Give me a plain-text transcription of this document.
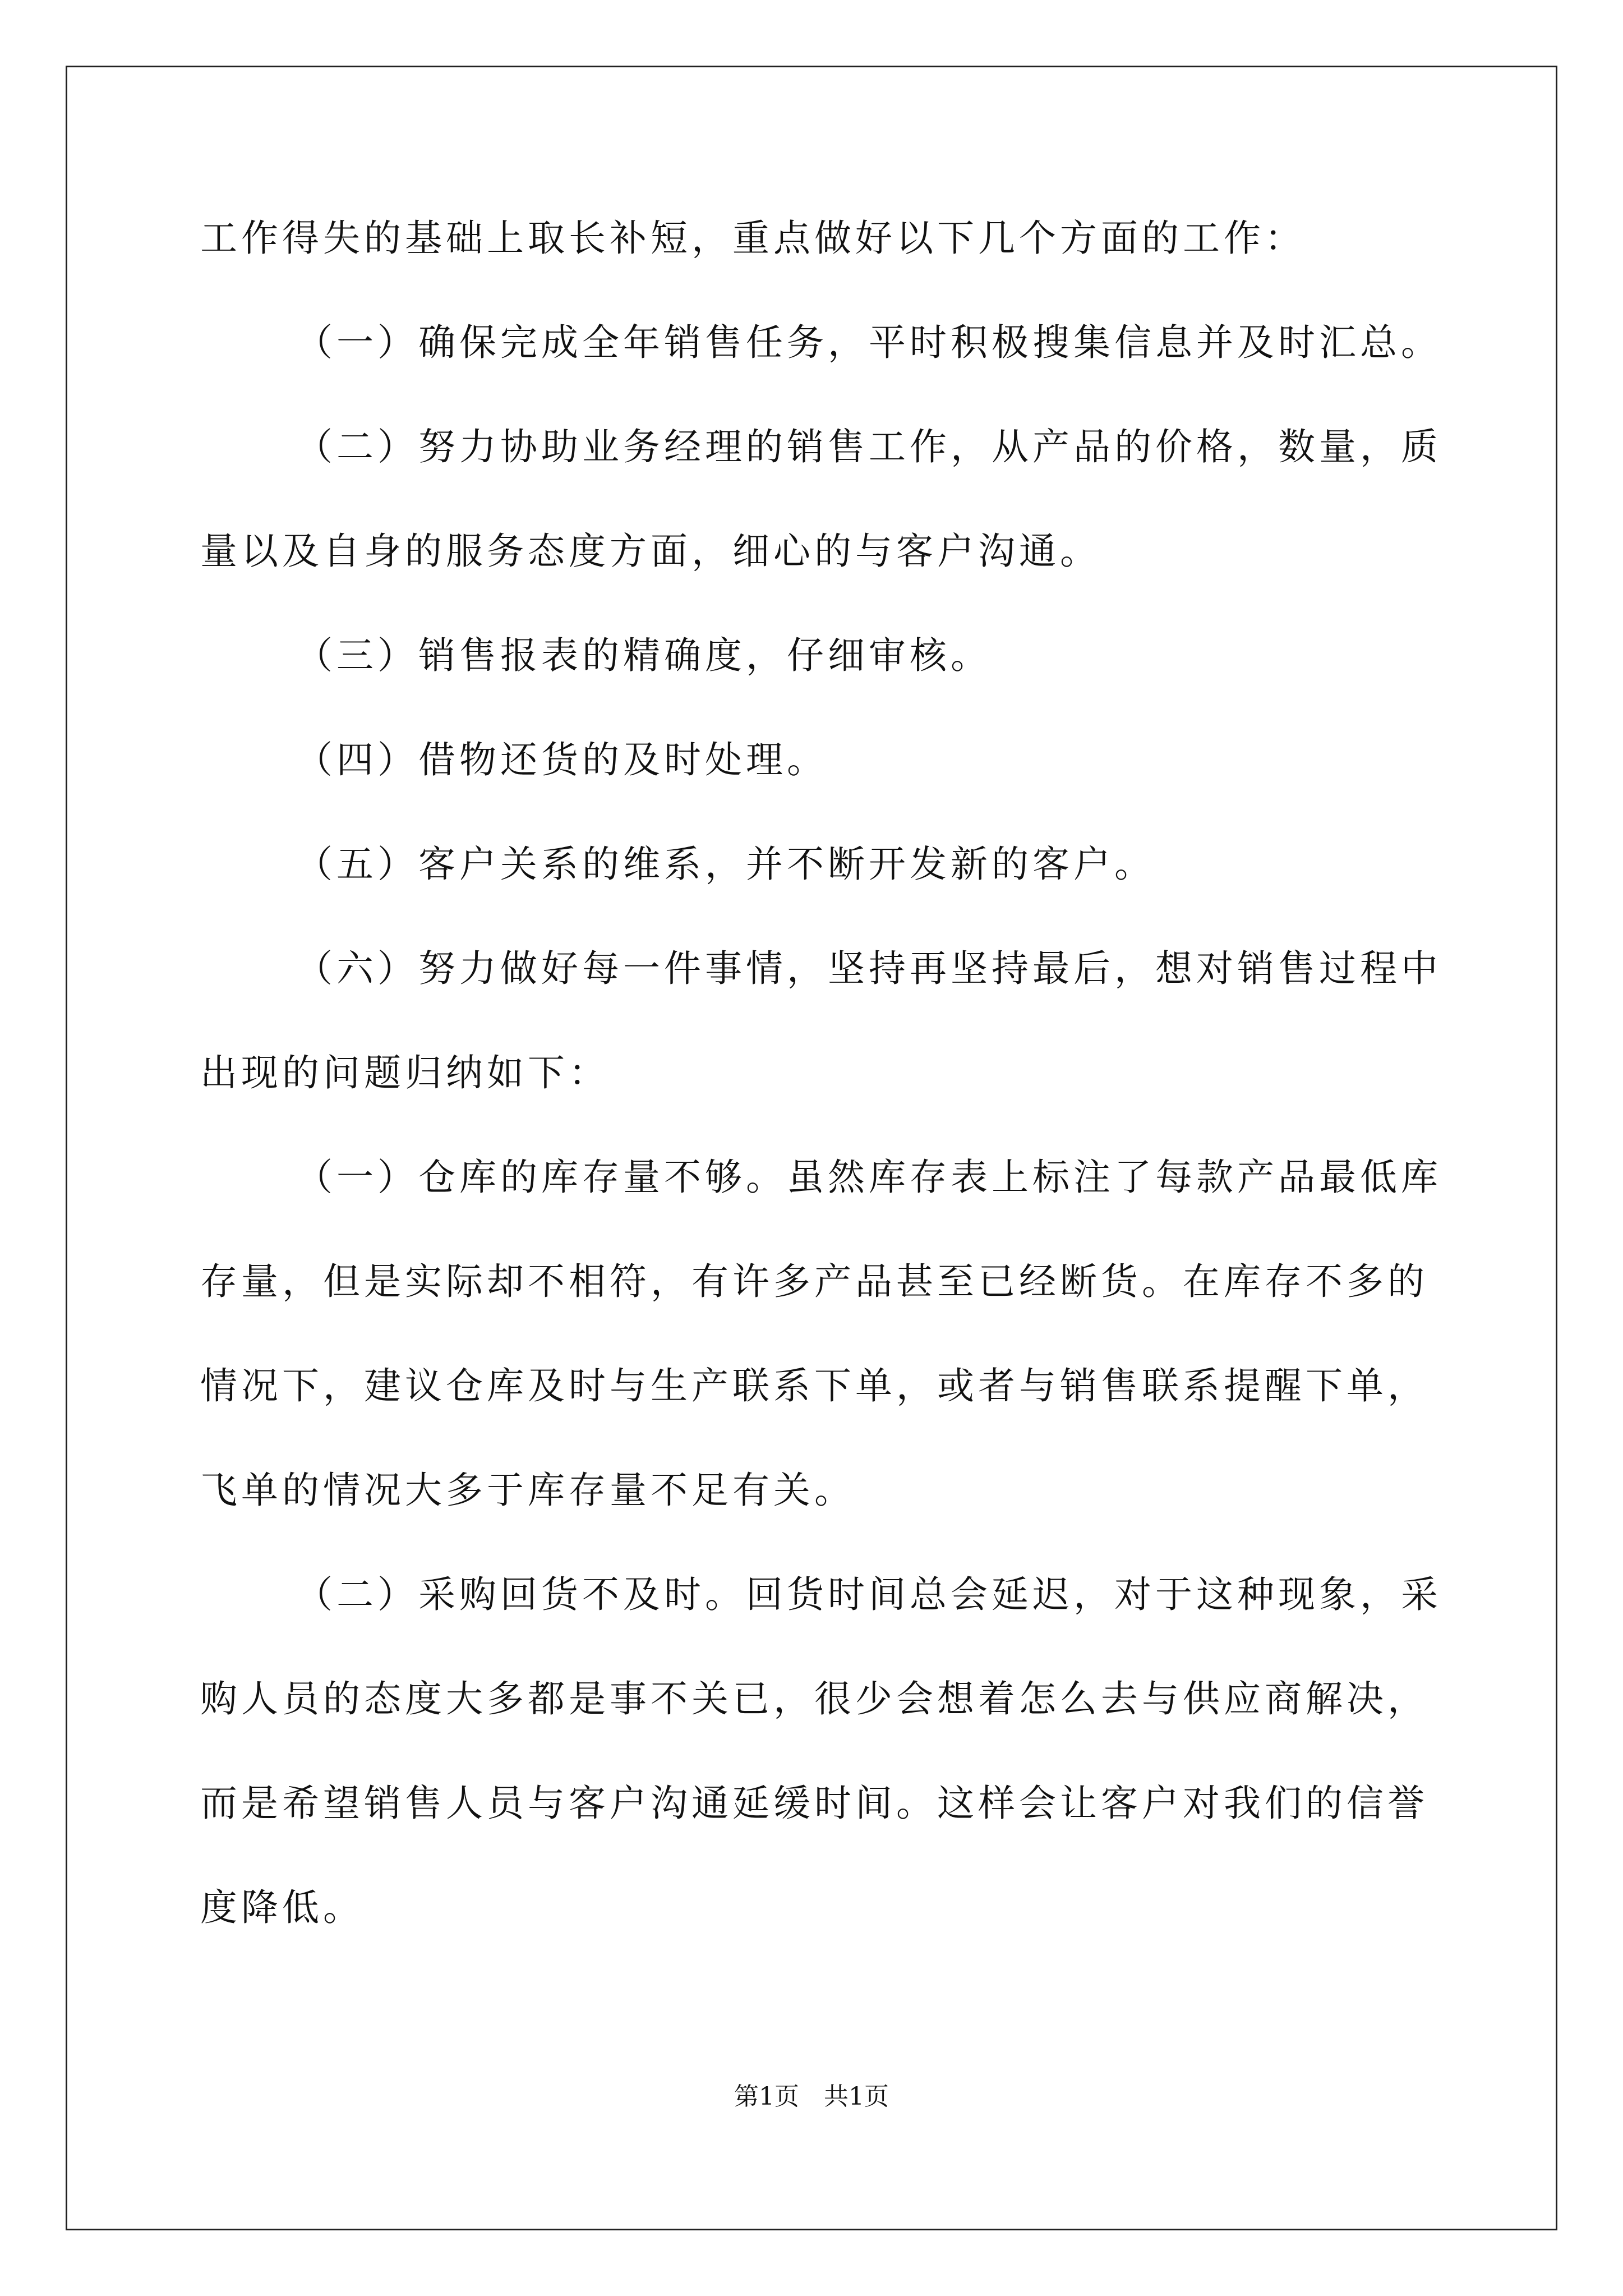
工作得失的基础上取长补短，重点做好以下几个方面的工作：
（一）确保完成全年销售任务，平时积极搜集信息并及时汇总。
（二）努力协助业务经理的销售工作，从产品的价格，数量，质
量以及自身的服务态度方面，细心的与客户沟通。
（三）销售报表的精确度，仔细审核。
（四）借物还货的及时处理。
（五）客户关系的维系，并不断开发新的客户。
（六）努力做好每一件事情，坚持再坚持最后，想对销售过程中
出现的问题归纳如下：
（一）仓库的库存量不够。虽然库存表上标注了每款产品最低库
存量，但是实际却不相符，有许多产品甚至已经断货。在库存不多的
情况下，建议仓库及时与生产联系下单，或者与销售联系提醒下单，
飞单的情况大多于库存量不足有关。
（二）采购回货不及时。回货时间总会延迟，对于这种现象，采
购人员的态度大多都是事不关已，很少会想着怎么去与供应商解决，
而是希望销售人员与客户沟通延缓时间。这样会让客户对我们的信誉
度降低。
第1页 共1页
